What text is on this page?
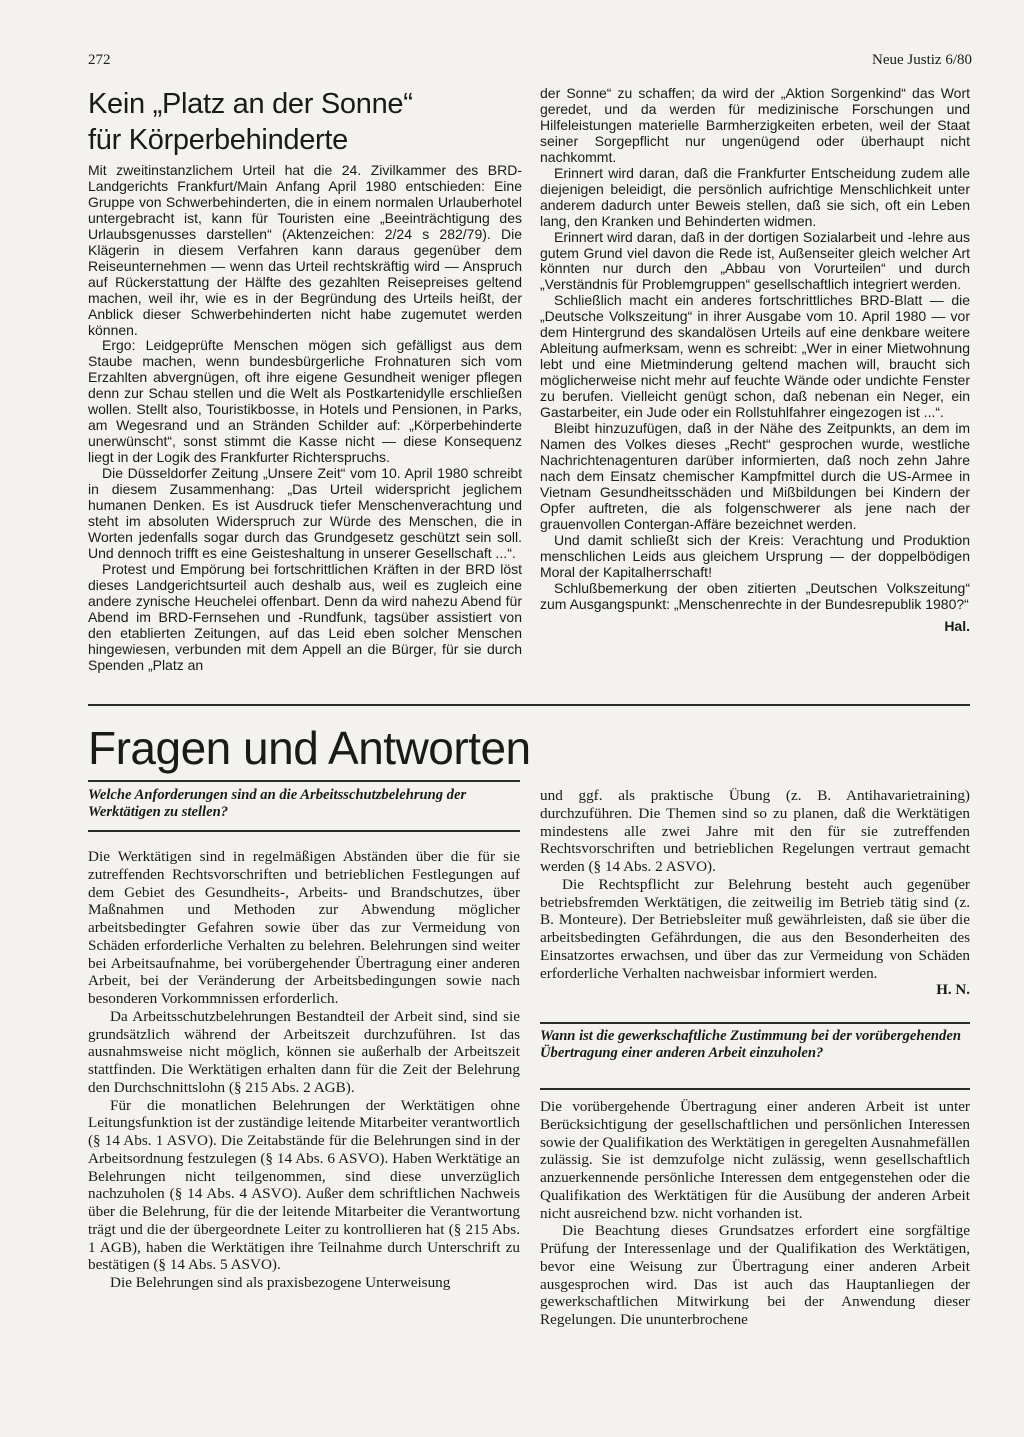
272	Neue Justiz 6/80
Kein „Platz an der Sonne“
für Körperbehinderte

Mit zweitinstanzlichem Urteil hat die 24. Zivilkammer des BRD-Landgerichts Frankfurt/Main Anfang April 1980 entschieden: Eine Gruppe von Schwerbehinderten, die in einem normalen Urlauberhotel untergebracht ist, kann für Touristen eine „Beeinträchtigung des Urlaubsgenusses darstellen“ (Aktenzeichen: 2/24 s 282/79). Die Klägerin in diesem Verfahren kann daraus gegenüber dem Reiseunternehmen — wenn das Urteil rechtskräftig wird — Anspruch auf Rückerstattung der Hälfte des gezahlten Reisepreises geltend machen, weil ihr, wie es in der Begründung des Urteils heißt, der Anblick dieser Schwerbehinderten nicht habe zugemutet werden können.

Ergo: Leidgeprüfte Menschen mögen sich gefälligst aus dem Staube machen, wenn bundesbürgerliche Frohnaturen sich vom Erzahlten abvergnügen, oft ihre eigene Gesundheit weniger pflegen denn zur Schau stellen und die Welt als Postkartenidylle erschließen wollen. Stellt also, Touristikbosse, in Hotels und Pensionen, in Parks, am Wegesrand und an Stränden Schilder auf: „Körperbehinderte unerwünscht“, sonst stimmt die Kasse nicht — diese Konsequenz liegt in der Logik des Frankfurter Richterspruchs.

Die Düsseldorfer Zeitung „Unsere Zeit“ vom 10. April 1980 schreibt in diesem Zusammenhang: „Das Urteil widerspricht jeglichem humanen Denken. Es ist Ausdruck tiefer Menschenverachtung und steht im absoluten Widerspruch zur Würde des Menschen, die in Worten jedenfalls sogar durch das Grundgesetz geschützt sein soll. Und dennoch trifft es eine Geisteshaltung in unserer Gesellschaft ...“.

Protest und Empörung bei fortschrittlichen Kräften in der BRD löst dieses Landgerichtsurteil auch deshalb aus, weil es zugleich eine andere zynische Heuchelei offenbart. Denn da wird nahezu Abend für Abend im BRD-Fernsehen und -Rundfunk, tagsüber assistiert von den etablierten Zeitungen, auf das Leid eben solcher Menschen hingewiesen, verbunden mit dem Appell an die Bürger, für sie durch Spenden „Platz an

der Sonne“ zu schaffen; da wird der „Aktion Sorgenkind“ das Wort geredet, und da werden für medizinische Forschungen und Hilfeleistungen materielle Barmherzigkeiten erbeten, weil der Staat seiner Sorgepflicht nur ungenügend oder überhaupt nicht nachkommt.

Erinnert wird daran, daß die Frankfurter Entscheidung zudem alle diejenigen beleidigt, die persönlich aufrichtige Menschlichkeit unter anderem dadurch unter Beweis stellen, daß sie sich, oft ein Leben lang, den Kranken und Behinderten widmen.

Erinnert wird daran, daß in der dortigen Sozialarbeit und -lehre aus gutem Grund viel davon die Rede ist, Außenseiter gleich welcher Art könnten nur durch den „Abbau von Vorurteilen“ und durch „Verständnis für Problemgruppen“ gesellschaftlich integriert werden.

Schließlich macht ein anderes fortschrittliches BRD-Blatt — die „Deutsche Volkszeitung“ in ihrer Ausgabe vom 10. April 1980 — vor dem Hintergrund des skandalösen Urteils auf eine denkbare weitere Ableitung aufmerksam, wenn es schreibt: „Wer in einer Mietwohnung lebt und eine Mietminderung geltend machen will, braucht sich möglicherweise nicht mehr auf feuchte Wände oder undichte Fenster zu berufen. Vielleicht genügt schon, daß nebenan ein Neger, ein Gastarbeiter, ein Jude oder ein Rollstuhlfahrer eingezogen ist ...“.

Bleibt hinzuzufügen, daß in der Nähe des Zeitpunkts, an dem im Namen des Volkes dieses „Recht“ gesprochen wurde, westliche Nachrichtenagenturen darüber informierten, daß noch zehn Jahre nach dem Einsatz chemischer Kampfmittel durch die US-Armee in Vietnam Gesundheitsschäden und Mißbildungen bei Kindern der Opfer auftreten, die als folgenschwerer als jene nach der grauenvollen Contergan-Affäre bezeichnet werden.

Und damit schließt sich der Kreis: Verachtung und Produktion menschlichen Leids aus gleichem Ursprung — der doppelbödigen Moral der Kapitalherrschaft!

Schlußbemerkung der oben zitierten „Deutschen Volkszeitung“ zum Ausgangspunkt: „Menschenrechte in der Bundesrepublik 1980?“

Hal.
Fragen und Antworten

Welche Anforderungen sind an die Arbeitsschutzbelehrung der Werktätigen zu stellen?

Die Werktätigen sind in regelmäßigen Abständen über die für sie zutreffenden Rechtsvorschriften und betrieblichen Festlegungen auf dem Gebiet des Gesundheits-, Arbeits- und Brandschutzes, über Maßnahmen und Methoden zur Abwendung möglicher arbeitsbedingter Gefahren sowie über das zur Vermeidung von Schäden erforderliche Verhalten zu belehren. Belehrungen sind weiter bei Arbeitsaufnahme, bei vorübergehender Übertragung einer anderen Arbeit, bei der Veränderung der Arbeitsbedingungen sowie nach besonderen Vorkommnissen erforderlich.

Da Arbeitsschutzbelehrungen Bestandteil der Arbeit sind, sind sie grundsätzlich während der Arbeitszeit durchzuführen. Ist das ausnahmsweise nicht möglich, können sie außerhalb der Arbeitszeit stattfinden. Die Werktätigen erhalten dann für die Zeit der Belehrung den Durchschnittslohn (§ 215 Abs. 2 AGB).

Für die monatlichen Belehrungen der Werktätigen ohne Leitungsfunktion ist der zuständige leitende Mitarbeiter verantwortlich (§ 14 Abs. 1 ASVO). Die Zeitabstände für die Belehrungen sind in der Arbeitsordnung festzulegen (§ 14 Abs. 6 ASVO). Haben Werktätige an Belehrungen nicht teilgenommen, sind diese unverzüglich nachzuholen (§ 14 Abs. 4 ASVO). Außer dem schriftlichen Nachweis über die Belehrung, für die der leitende Mitarbeiter die Verantwortung trägt und die der übergeordnete Leiter zu kontrollieren hat (§ 215 Abs. 1 AGB), haben die Werktätigen ihre Teilnahme durch Unterschrift zu bestätigen (§ 14 Abs. 5 ASVO).

Die Belehrungen sind als praxisbezogene Unterweisung

und ggf. als praktische Übung (z. B. Antihavarietraining) durchzuführen. Die Themen sind so zu planen, daß die Werktätigen mindestens alle zwei Jahre mit den für sie zutreffenden Rechtsvorschriften und betrieblichen Regelungen vertraut gemacht werden (§ 14 Abs. 2 ASVO).

Die Rechtspflicht zur Belehrung besteht auch gegenüber betriebsfremden Werktätigen, die zeitweilig im Betrieb tätig sind (z. B. Monteure). Der Betriebsleiter muß gewährleisten, daß sie über die arbeitsbedingten Gefährdungen, die aus den Besonderheiten des Einsatzortes erwachsen, und über das zur Vermeidung von Schäden erforderliche Verhalten nachweisbar informiert werden.

H. N.

Wann ist die gewerkschaftliche Zustimmung bei der vorübergehenden Übertragung einer anderen Arbeit einzuholen?

Die vorübergehende Übertragung einer anderen Arbeit ist unter Berücksichtigung der gesellschaftlichen und persönlichen Interessen sowie der Qualifikation des Werktätigen in geregelten Ausnahmefällen zulässig. Sie ist demzufolge nicht zulässig, wenn gesellschaftlich anzuerkennende persönliche Interessen dem entgegenstehen oder die Qualifikation des Werktätigen für die Ausübung der anderen Arbeit nicht ausreichend bzw. nicht vorhanden ist.

Die Beachtung dieses Grundsatzes erfordert eine sorgfältige Prüfung der Interessenlage und der Qualifikation des Werktätigen, bevor eine Weisung zur Übertragung einer anderen Arbeit ausgesprochen wird. Das ist auch das Hauptanliegen der gewerkschaftlichen Mitwirkung bei der Anwendung dieser Regelungen. Die ununterbrochene
